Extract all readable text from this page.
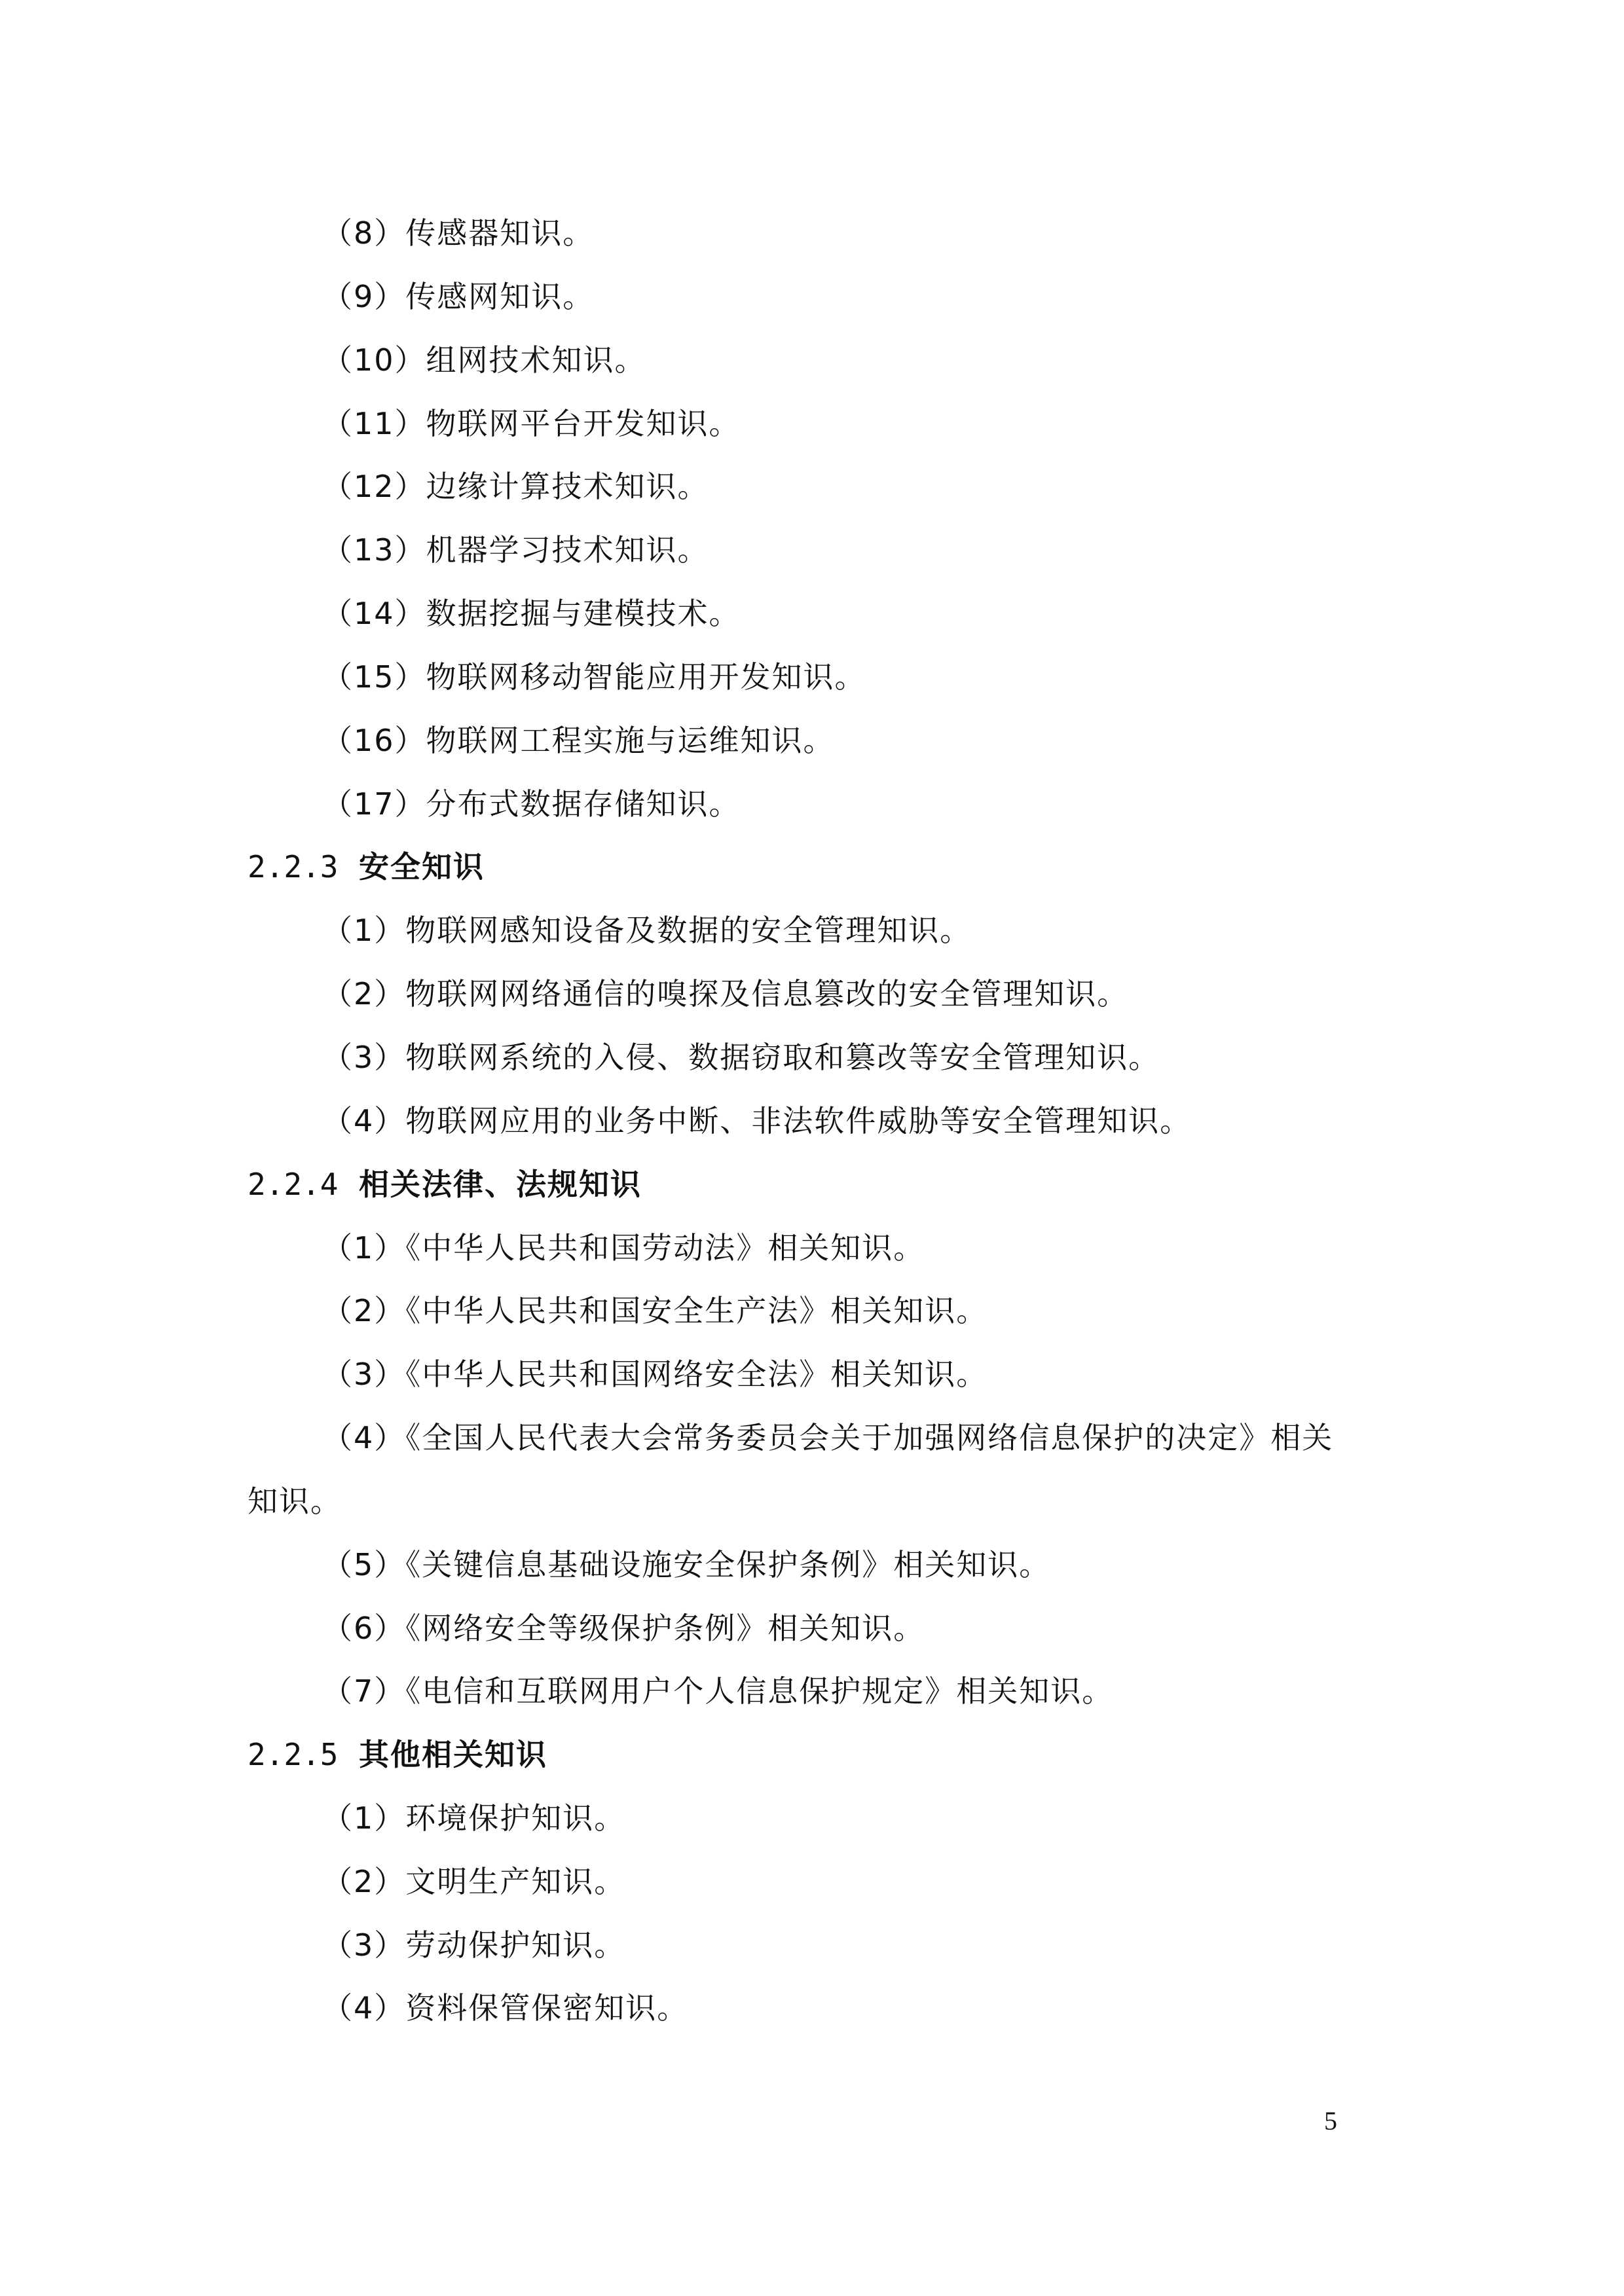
（8）传感器知识。
（9）传感网知识。
（10）组网技术知识。
（11）物联网平台开发知识。
（12）边缘计算技术知识。
（13）机器学习技术知识。
（14）数据挖掘与建模技术。
（15）物联网移动智能应用开发知识。
（16）物联网工程实施与运维知识。
（17）分布式数据存储知识。
2.2.3 安全知识
（1）物联网感知设备及数据的安全管理知识。
（2）物联网网络通信的嗅探及信息篡改的安全管理知识。
（3）物联网系统的入侵、数据窃取和篡改等安全管理知识。
（4）物联网应用的业务中断、非法软件威胁等安全管理知识。
2.2.4 相关法律、法规知识
（1）《中华人民共和国劳动法》相关知识。
（2）《中华人民共和国安全生产法》相关知识。
（3）《中华人民共和国网络安全法》相关知识。
（4）《全国人民代表大会常务委员会关于加强网络信息保护的决定》相关
知识。
（5）《关键信息基础设施安全保护条例》相关知识。
（6）《网络安全等级保护条例》相关知识。
（7）《电信和互联网用户个人信息保护规定》相关知识。
2.2.5 其他相关知识
（1）环境保护知识。
（2）文明生产知识。
（3）劳动保护知识。
（4）资料保管保密知识。
5
